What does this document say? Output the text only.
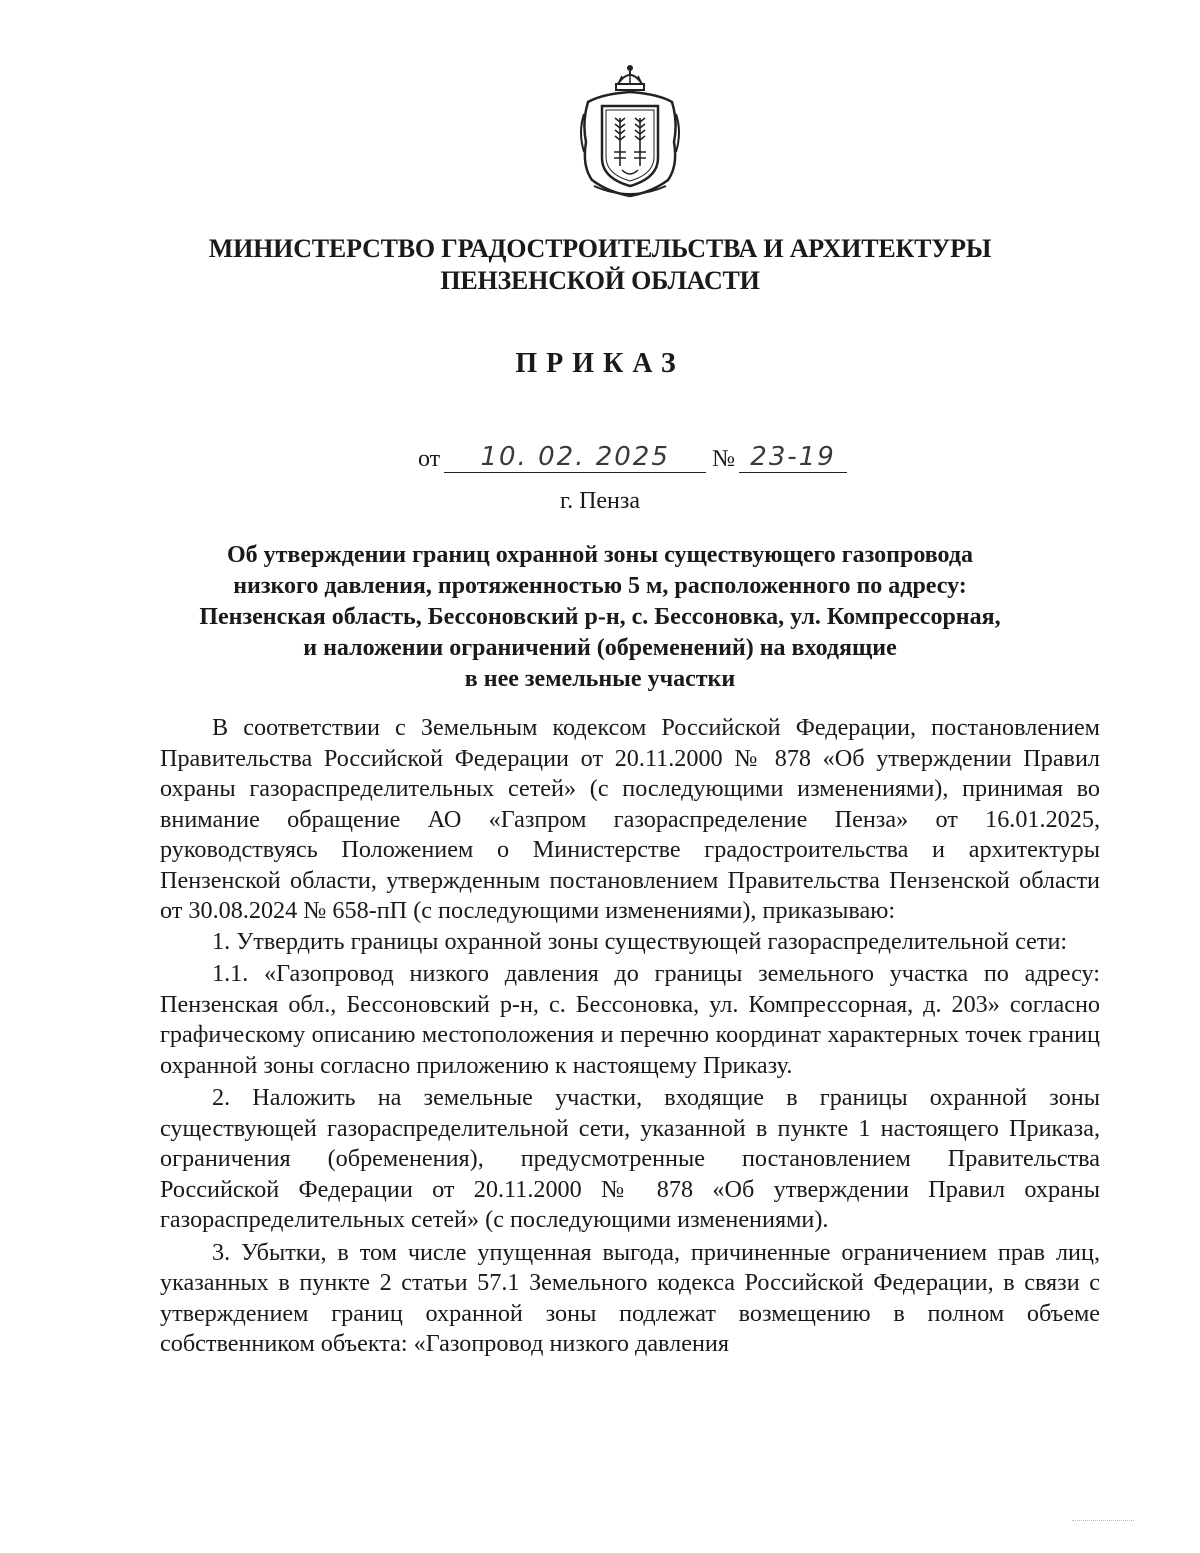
МИНИСТЕРСТВО ГРАДОСТРОИТЕЛЬСТВА И АРХИТЕКТУРЫ
ПЕНЗЕНСКОЙ ОБЛАСТИ
ПРИКАЗ
от 10. 02. 2025 № 23-19
г. Пенза
Об утверждении границ охранной зоны существующего газопровода
низкого давления, протяженностью 5 м, расположенного по адресу:
Пензенская область, Бессоновский р-н, с. Бессоновка, ул. Компрессорная,
и наложении ограничений (обременений) на входящие
в нее земельные участки

В соответствии с Земельным кодексом Российской Федерации, постановлением Правительства Российской Федерации от 20.11.2000 № 878 «Об утверждении Правил охраны газораспределительных сетей» (с последующими изменениями), принимая во внимание обращение АО «Газпром газораспределение Пенза» от 16.01.2025, руководствуясь Положением о Министерстве градостроительства и архитектуры Пензенской области, утвержденным постановлением Правительства Пензенской области от 30.08.2024 № 658-пП (с последующими изменениями), приказываю:

1. Утвердить границы охранной зоны существующей газораспределительной сети:

1.1. «Газопровод низкого давления до границы земельного участка по адресу: Пензенская обл., Бессоновский р-н, с. Бессоновка, ул. Компрессорная, д. 203» согласно графическому описанию местоположения и перечню координат характерных точек границ охранной зоны согласно приложению к настоящему Приказу.

2. Наложить на земельные участки, входящие в границы охранной зоны существующей газораспределительной сети, указанной в пункте 1 настоящего Приказа, ограничения (обременения), предусмотренные постановлением Правительства Российской Федерации от 20.11.2000 № 878 «Об утверждении Правил охраны газораспределительных сетей» (с последующими изменениями).

3. Убытки, в том числе упущенная выгода, причиненные ограничением прав лиц, указанных в пункте 2 статьи 57.1 Земельного кодекса Российской Федерации, в связи с утверждением границ охранной зоны подлежат возмещению в полном объеме собственником объекта: «Газопровод низкого давления
